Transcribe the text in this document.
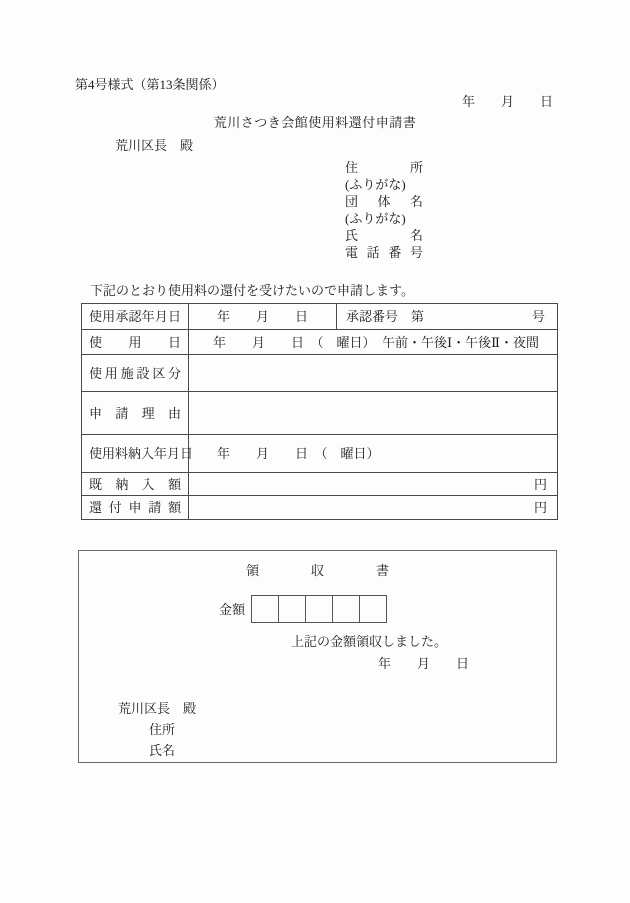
第4号様式（第13条関係）
年　　月　　日
荒川さつき会館使用料還付申請書
荒川区長　殿
住所
(ふりがな)
団体名
(ふりがな)
氏名
電話番号
下記のとおり使用料の還付を受けたいので申請します。
使用承認年月日	年　　月　　日	承認番号　第	号
使用日 年　　月　　日　（　曜日）　午前・午後Ⅰ・午後Ⅱ・夜間
使用施設区分
申請理由
使用料納入年月日 年　　月　　日　（　曜日）
既納入額	円
還付申請額	円
領　　　　収　　　　書
金額
上記の金額領収しました。
年　　月　　日
荒川区長　殿
住所
氏名
